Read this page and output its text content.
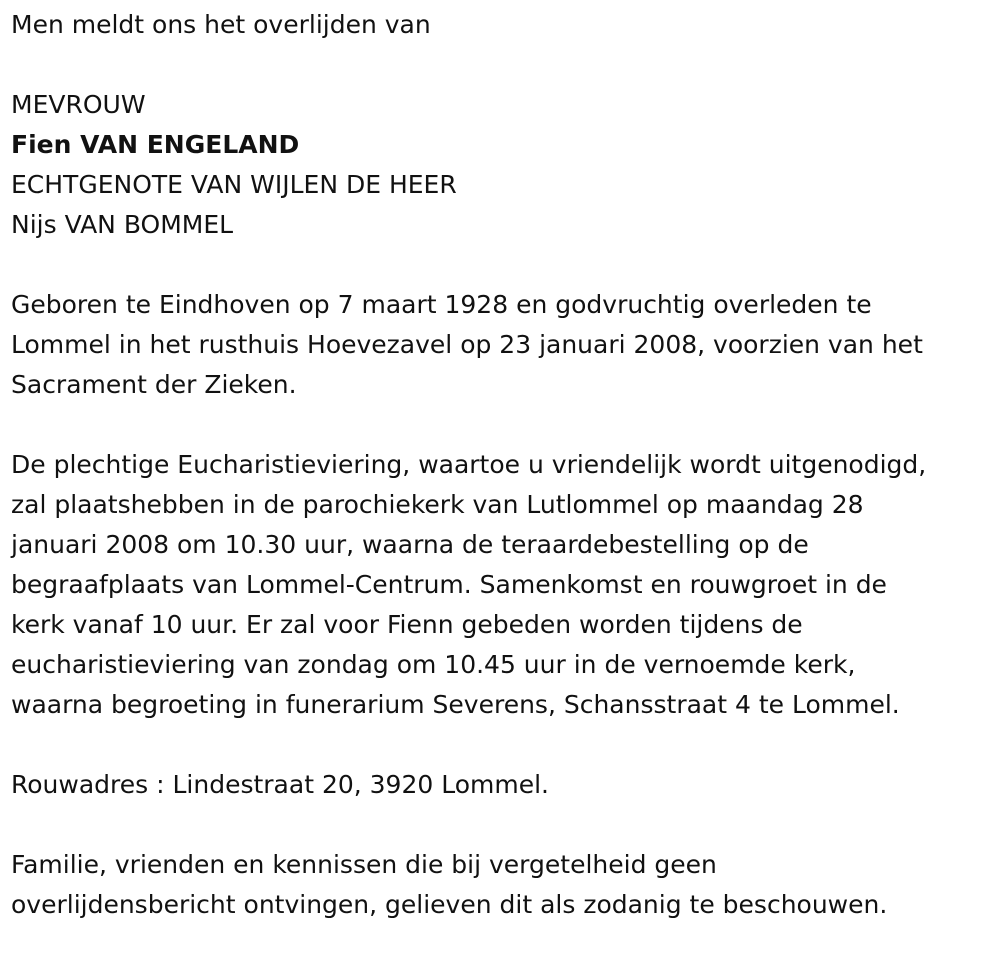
Men meldt ons het overlijden van
MEVROUW
Fien VAN ENGELAND
ECHTGENOTE VAN WIJLEN DE HEER
Nijs VAN BOMMEL
Geboren te Eindhoven op 7 maart 1928 en godvruchtig overleden te
Lommel in het rusthuis Hoevezavel op 23 januari 2008, voorzien van het
Sacrament der Zieken.
De plechtige Eucharistieviering, waartoe u vriendelijk wordt uitgenodigd,
zal plaatshebben in de parochiekerk van Lutlommel op maandag 28
januari 2008 om 10.30 uur, waarna de teraardebestelling op de
begraafplaats van Lommel-Centrum. Samenkomst en rouwgroet in de
kerk vanaf 10 uur. Er zal voor Fienn gebeden worden tijdens de
eucharistieviering van zondag om 10.45 uur in de vernoemde kerk,
waarna begroeting in funerarium Severens, Schansstraat 4 te Lommel.
Rouwadres : Lindestraat 20, 3920 Lommel.
Familie, vrienden en kennissen die bij vergetelheid geen
overlijdensbericht ontvingen, gelieven dit als zodanig te beschouwen.
